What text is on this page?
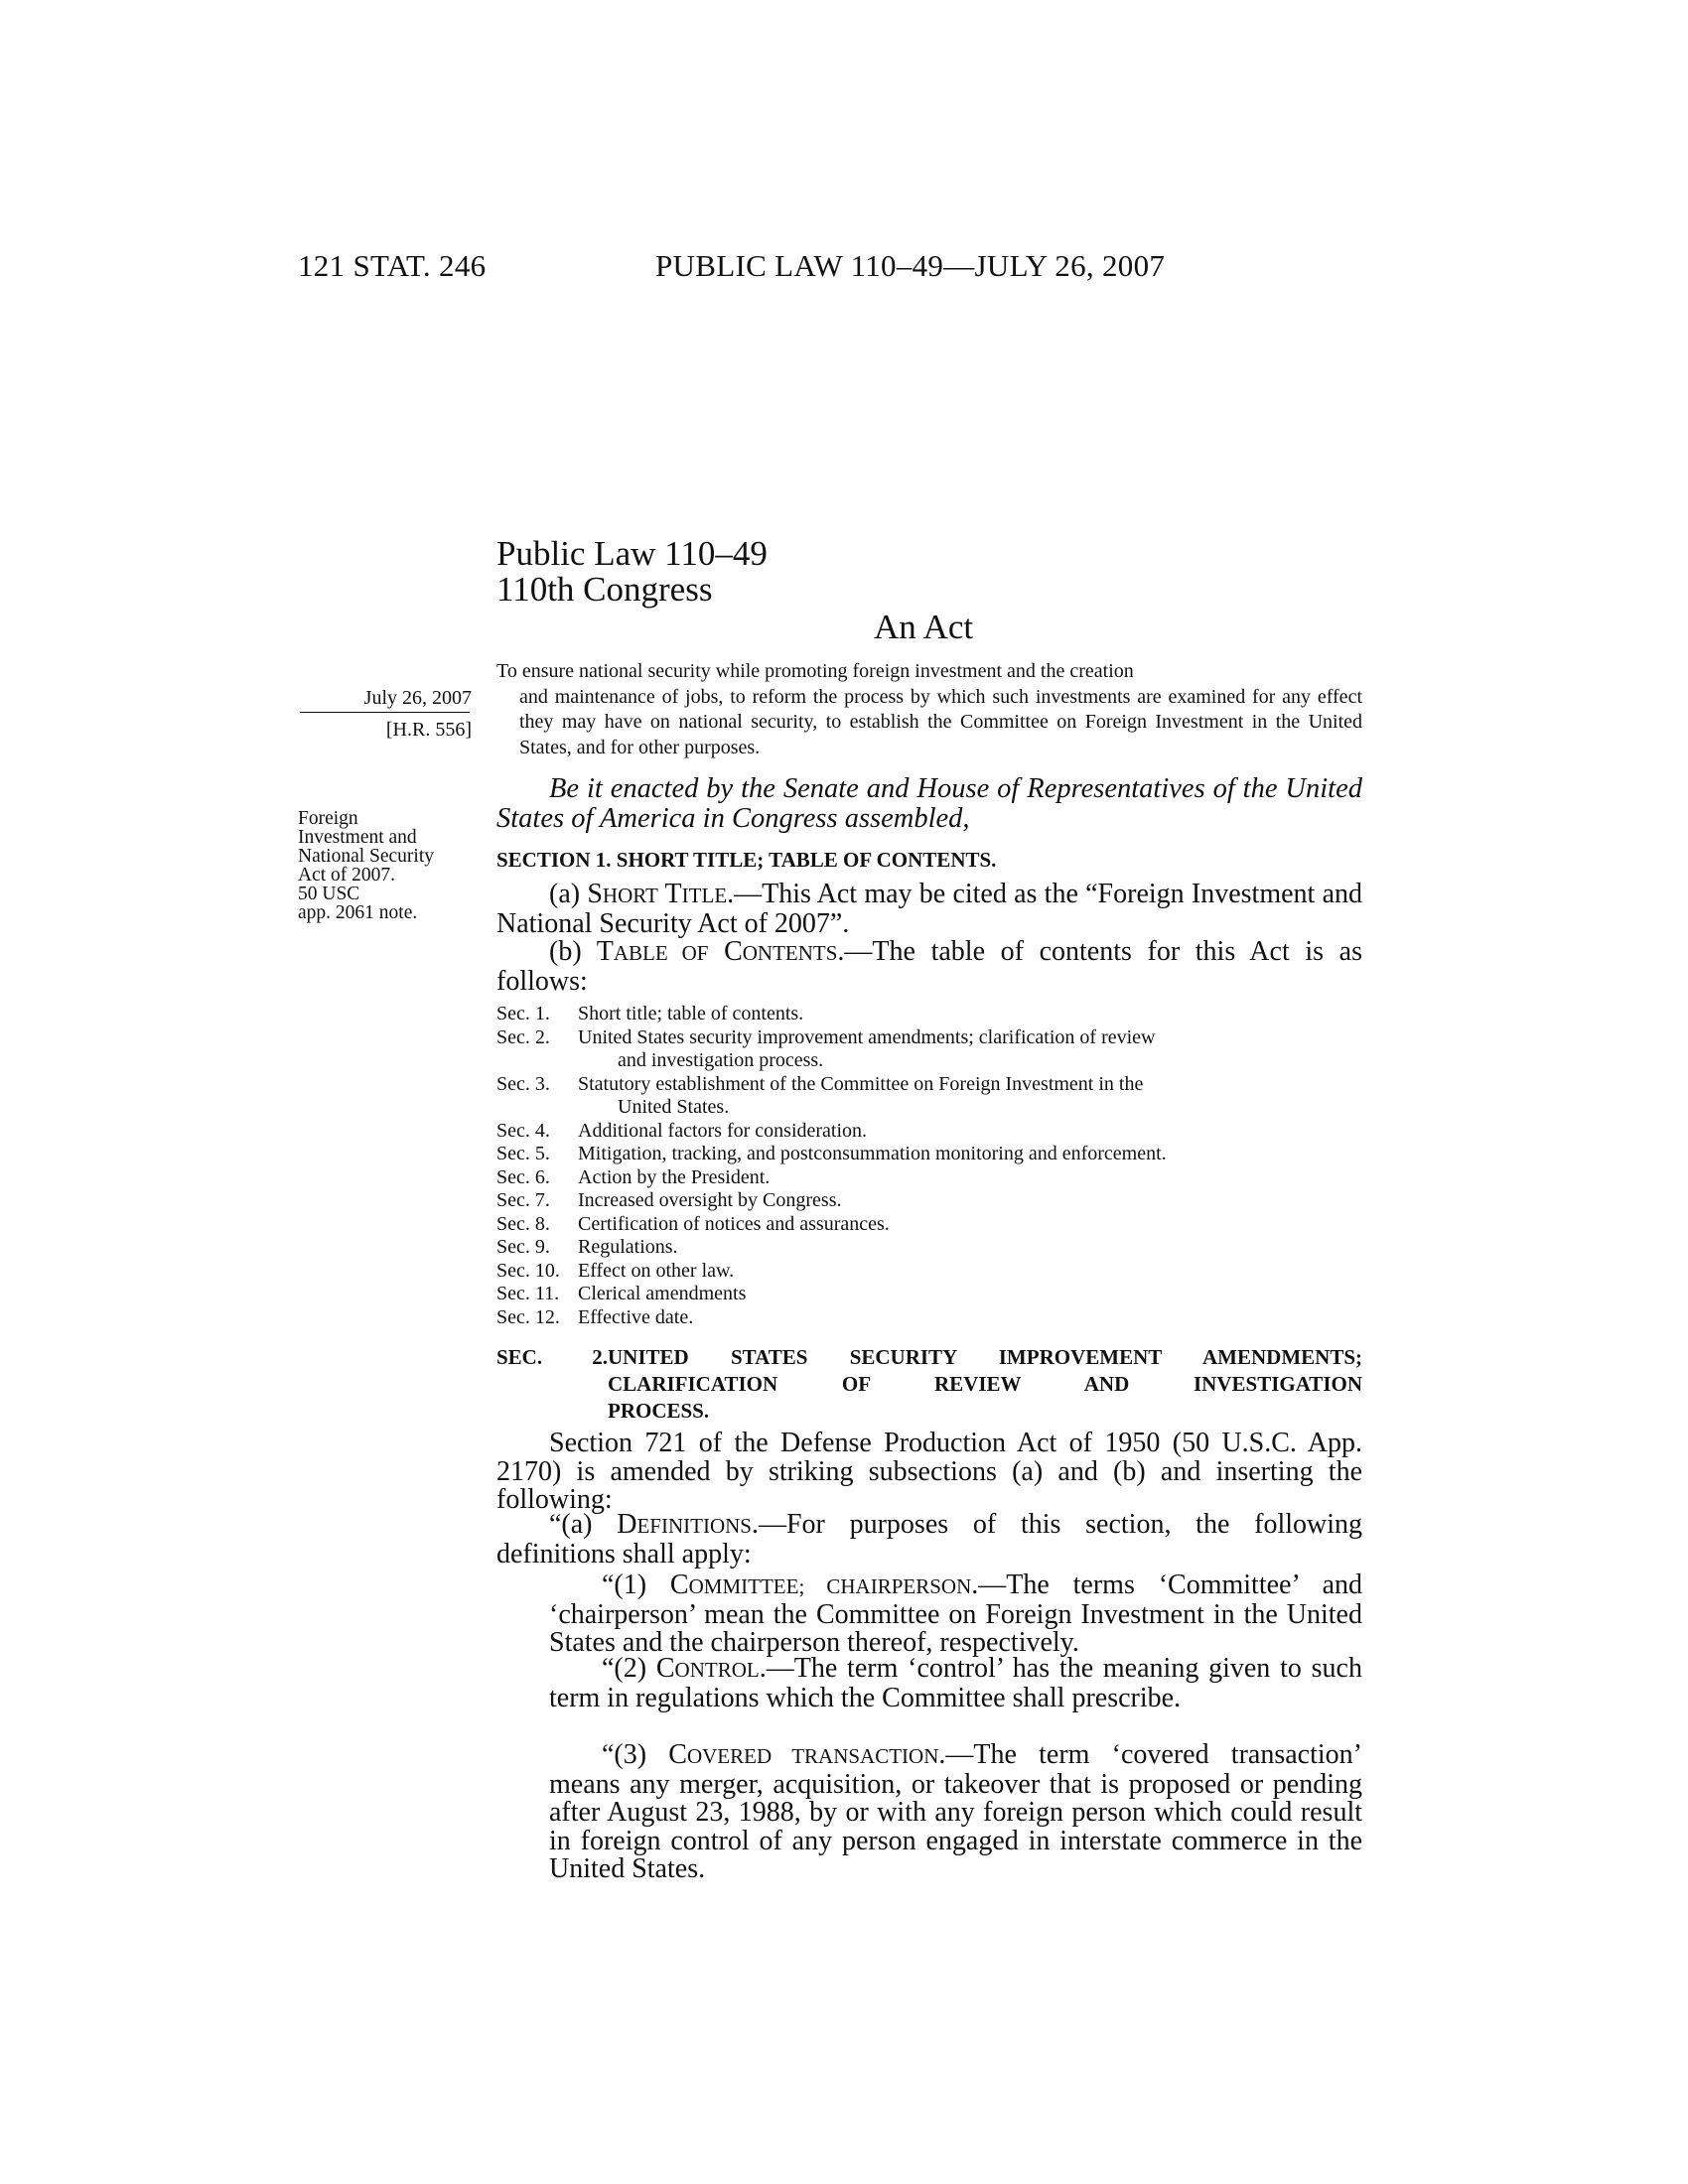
121 STAT. 246	PUBLIC LAW 110–49—JULY 26, 2007
Public Law 110–49
110th Congress
An Act
July 26, 2007
[H.R. 556]
Foreign
Investment and
National Security
Act of 2007.
50 USC
app. 2061 note.
To ensure national security while promoting foreign investment and the creation
and maintenance of jobs, to reform the process by which such investments are examined for any effect they may have on national security, to establish the Committee on Foreign Investment in the United States, and for other purposes.
Be it enacted by the Senate and House of Representatives of the United States of America in Congress assembled,
SECTION 1. SHORT TITLE; TABLE OF CONTENTS.
(a) SHORT TITLE.—This Act may be cited as the “Foreign Investment and National Security Act of 2007”.
(b) TABLE OF CONTENTS.—The table of contents for this Act is as follows:
Sec. 1.	Short title; table of contents.
Sec. 2.	United States security improvement amendments; clarification of review
and investigation process.
Sec. 3.	Statutory establishment of the Committee on Foreign Investment in the
United States.
Sec. 4.	Additional factors for consideration.
Sec. 5.	Mitigation, tracking, and postconsummation monitoring and enforcement.
Sec. 6.	Action by the President.
Sec. 7.	Increased oversight by Congress.
Sec. 8.	Certification of notices and assurances.
Sec. 9.	Regulations.
Sec. 10. Effect on other law.
Sec. 11. Clerical amendments
Sec. 12. Effective date.
SEC. 2.UNITED STATES SECURITY IMPROVEMENT AMENDMENTS;
CLARIFICATION OF REVIEW AND INVESTIGATION
PROCESS.
Section 721 of the Defense Production Act of 1950 (50 U.S.C. App. 2170) is amended by striking subsections (a) and (b) and inserting the following:
“(a) DEFINITIONS.—For purposes of this section, the following definitions shall apply:
“(1) COMMITTEE; CHAIRPERSON.—The terms ‘Committee’ and ‘chairperson’ mean the Committee on Foreign Investment in the United States and the chairperson thereof, respectively.
“(2) CONTROL.—The term ‘control’ has the meaning given to such term in regulations which the Committee shall prescribe.
“(3) COVERED TRANSACTION.—The term ‘covered transaction’ means any merger, acquisition, or takeover that is proposed or pending after August 23, 1988, by or with any foreign person which could result in foreign control of any person engaged in interstate commerce in the United States.
